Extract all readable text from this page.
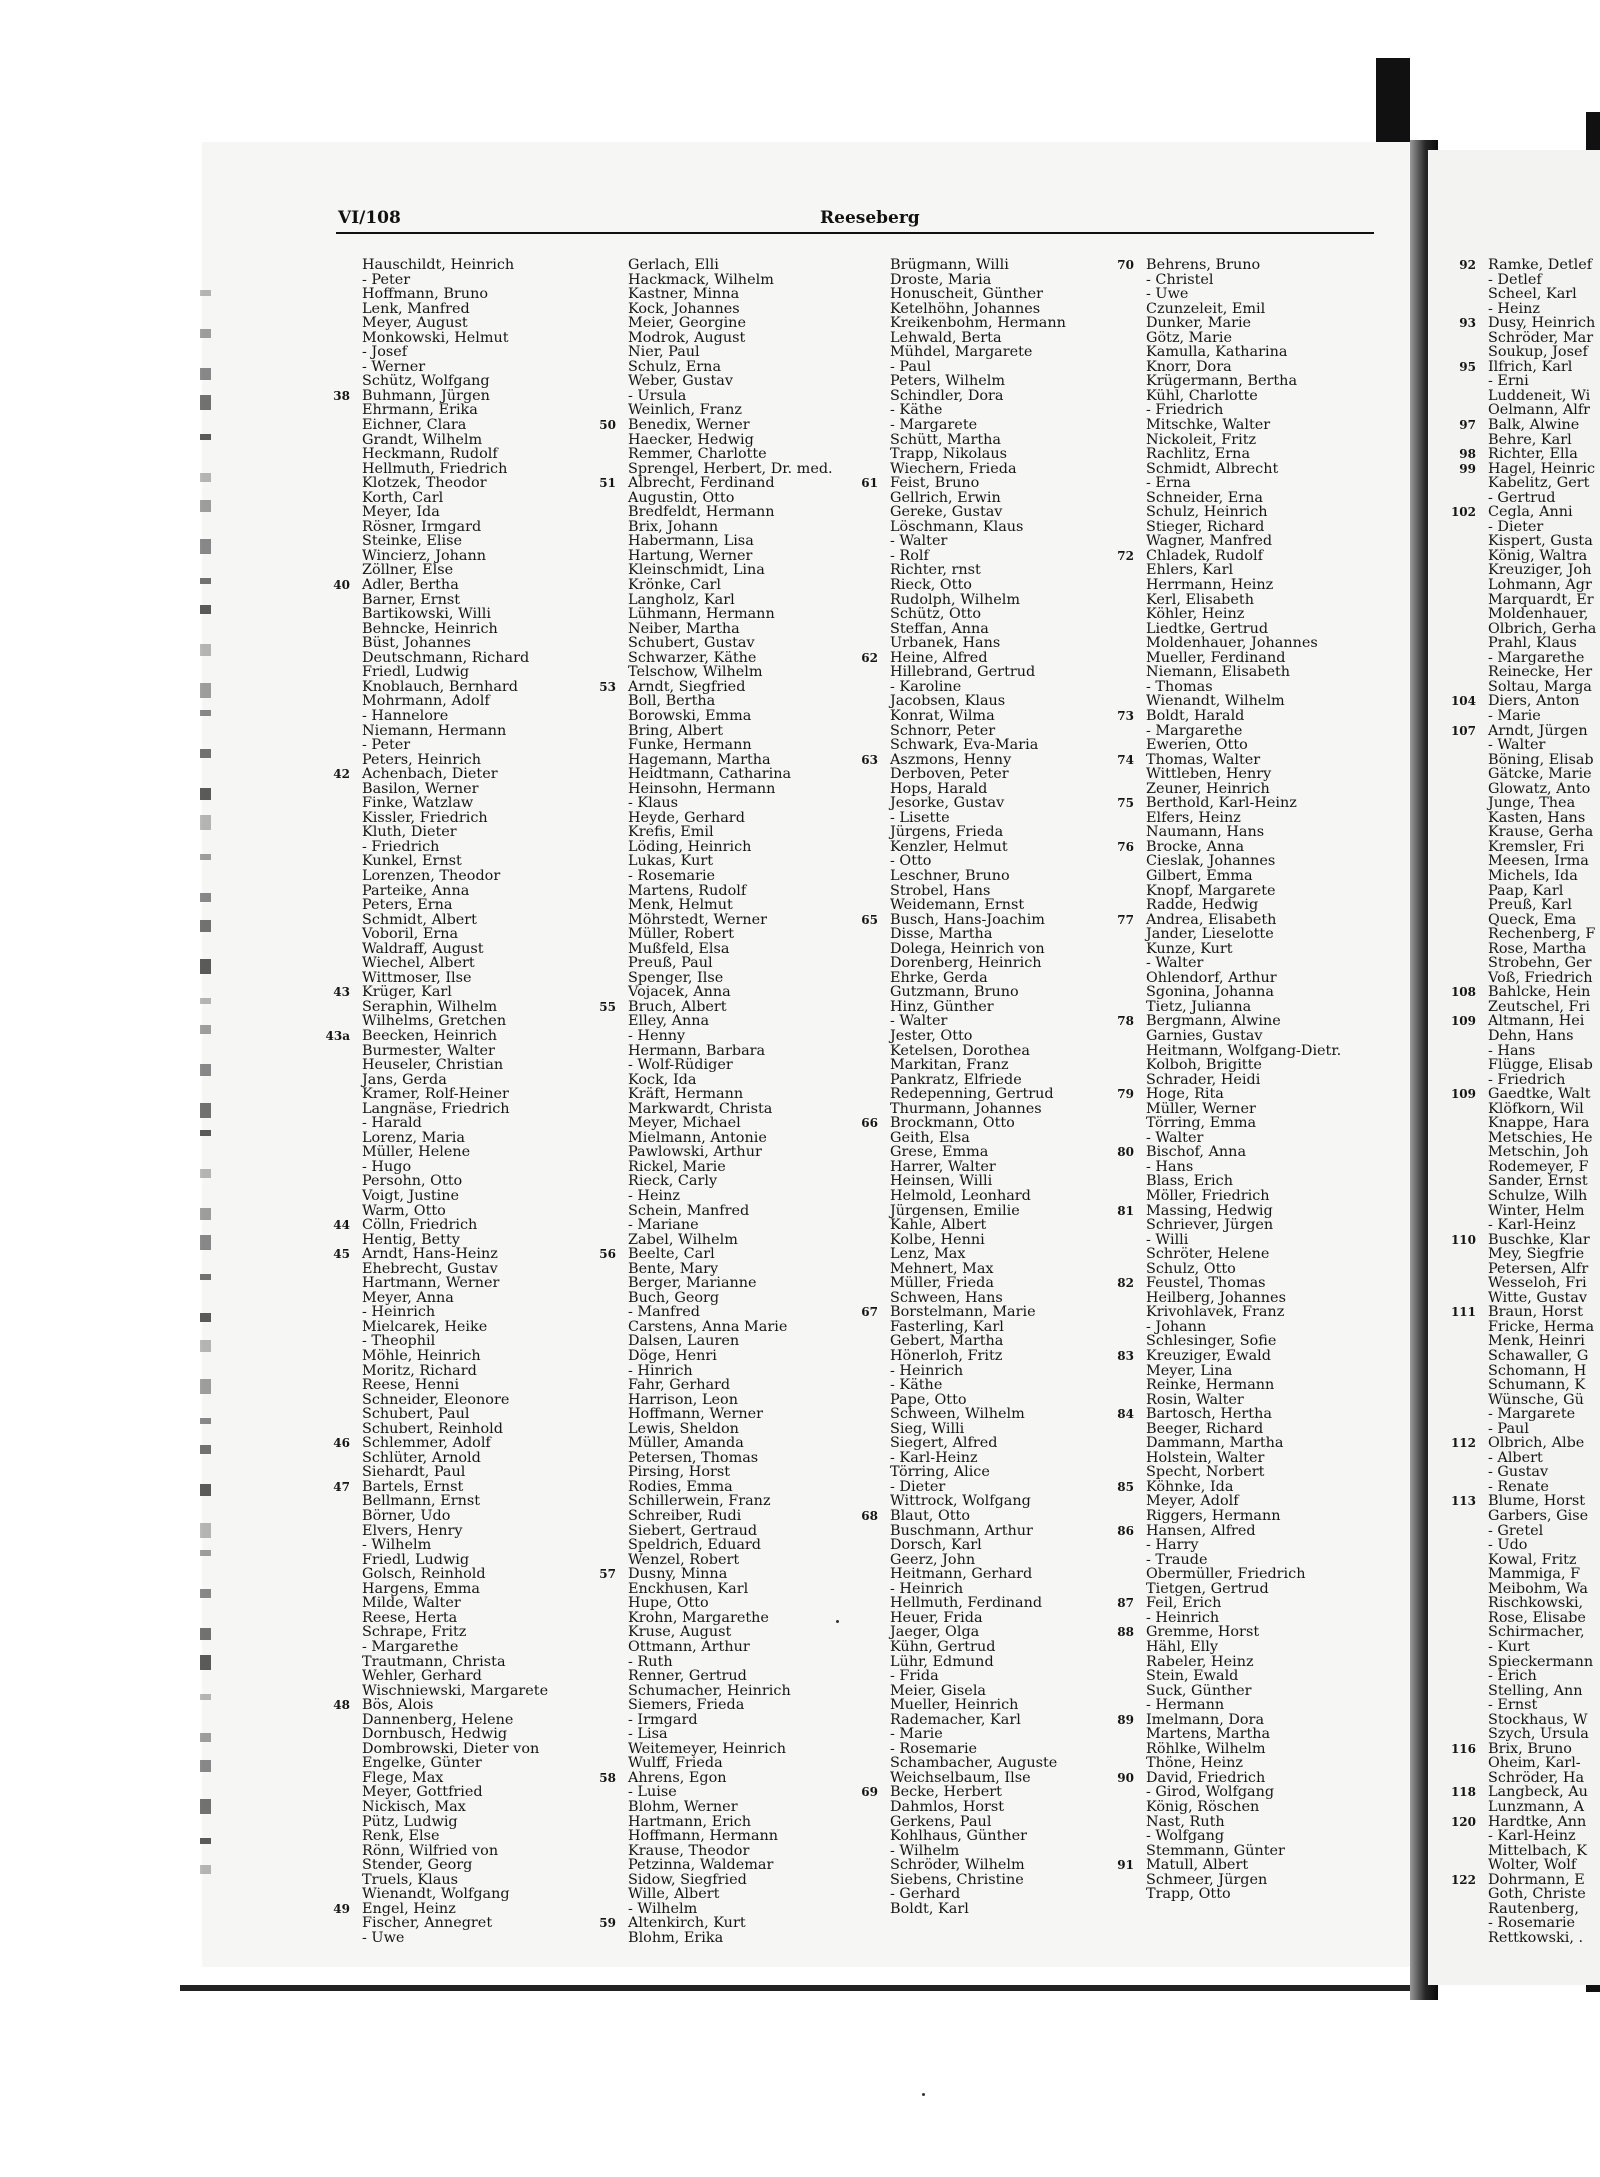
VI/108	Reeseberg
Hauschildt, Heinrich
- Peter
Hoffmann, Bruno
Lenk, Manfred
Meyer, August
Monkowski, Helmut
- Josef
- Werner
Schütz, Wolfgang
38 Buhmann, Jürgen
Ehrmann, Erika
Eichner, Clara
Grandt, Wilhelm
Heckmann, Rudolf
Hellmuth, Friedrich
Klotzek, Theodor
Korth, Carl
Meyer, Ida
Rösner, Irmgard
Steinke, Elise
Wincierz, Johann
Zöllner, Else
40 Adler, Bertha
Barner, Ernst
Bartikowski, Willi
Behncke, Heinrich
Büst, Johannes
Deutschmann, Richard
Friedl, Ludwig
Knoblauch, Bernhard
Mohrmann, Adolf
- Hannelore
Niemann, Hermann
- Peter
Peters, Heinrich
42 Achenbach, Dieter
Basilon, Werner
Finke, Watzlaw
Kissler, Friedrich
Kluth, Dieter
- Friedrich
Kunkel, Ernst
Lorenzen, Theodor
Parteike, Anna
Peters, Erna
Schmidt, Albert
Voboril, Erna
Waldraff, August
Wiechel, Albert
Wittmoser, Ilse
43 Krüger, Karl
Seraphin, Wilhelm
Wilhelms, Gretchen
43a Beecken, Heinrich
Burmester, Walter
Heuseler, Christian
Jans, Gerda
Kramer, Rolf-Heiner
Langnäse, Friedrich
- Harald
Lorenz, Maria
Müller, Helene
- Hugo
Persohn, Otto
Voigt, Justine
Warm, Otto
44 Cölln, Friedrich
Hentig, Betty
45 Arndt, Hans-Heinz
Ehebrecht, Gustav
Hartmann, Werner
Meyer, Anna
- Heinrich
Mielcarek, Heike
- Theophil
Möhle, Heinrich
Moritz, Richard
Reese, Henni
Schneider, Eleonore
Schubert, Paul
Schubert, Reinhold
46 Schlemmer, Adolf
Schlüter, Arnold
Siehardt, Paul
47 Bartels, Ernst
Bellmann, Ernst
Börner, Udo
Elvers, Henry
- Wilhelm
Friedl, Ludwig
Golsch, Reinhold
Hargens, Emma
Milde, Walter
Reese, Herta
Schrape, Fritz
- Margarethe
Trautmann, Christa
Wehler, Gerhard
Wischniewski, Margarete
48 Bös, Alois
Dannenberg, Helene
Dornbusch, Hedwig
Dombrowski, Dieter von
Engelke, Günter
Flege, Max
Meyer, Gottfried
Nickisch, Max
Pütz, Ludwig
Renk, Else
Rönn, Wilfried von
Stender, Georg
Truels, Klaus
Wienandt, Wolfgang
49 Engel, Heinz
Fischer, Annegret
- Uwe
Gerlach, Elli
Hackmack, Wilhelm
Kastner, Minna
Kock, Johannes
Meier, Georgine
Modrok, August
Nier, Paul
Schulz, Erna
Weber, Gustav
- Ursula
Weinlich, Franz
50 Benedix, Werner
Haecker, Hedwig
Remmer, Charlotte
Sprengel, Herbert, Dr. med.
51 Albrecht, Ferdinand
Augustin, Otto
Bredfeldt, Hermann
Brix, Johann
Habermann, Lisa
Hartung, Werner
Kleinschmidt, Lina
Krönke, Carl
Langholz, Karl
Lühmann, Hermann
Neiber, Martha
Schubert, Gustav
Schwarzer, Käthe
Telschow, Wilhelm
53 Arndt, Siegfried
Boll, Bertha
Borowski, Emma
Bring, Albert
Funke, Hermann
Hagemann, Martha
Heidtmann, Catharina
Heinsohn, Hermann
- Klaus
Heyde, Gerhard
Krefis, Emil
Löding, Heinrich
Lukas, Kurt
- Rosemarie
Martens, Rudolf
Menk, Helmut
Möhrstedt, Werner
Müller, Robert
Mußfeld, Elsa
Preuß, Paul
Spenger, Ilse
Vojacek, Anna
55 Bruch, Albert
Elley, Anna
- Henny
Hermann, Barbara
- Wolf-Rüdiger
Kock, Ida
Kräft, Hermann
Markwardt, Christa
Meyer, Michael
Mielmann, Antonie
Pawlowski, Arthur
Rickel, Marie
Rieck, Carly
- Heinz
Schein, Manfred
- Mariane
Zabel, Wilhelm
56 Beelte, Carl
Bente, Mary
Berger, Marianne
Buch, Georg
- Manfred
Carstens, Anna Marie
Dalsen, Lauren
Döge, Henri
- Hinrich
Fahr, Gerhard
Harrison, Leon
Hoffmann, Werner
Lewis, Sheldon
Müller, Amanda
Petersen, Thomas
Pirsing, Horst
Rodies, Emma
Schillerwein, Franz
Schreiber, Rudi
Siebert, Gertraud
Speldrich, Eduard
Wenzel, Robert
57 Dusny, Minna
Enckhusen, Karl
Hupe, Otto
Krohn, Margarethe
Kruse, August
Ottmann, Arthur
- Ruth
Renner, Gertrud
Schumacher, Heinrich
Siemers, Frieda
- Irmgard
- Lisa
Weitemeyer, Heinrich
Wulff, Frieda
58 Ahrens, Egon
- Luise
Blohm, Werner
Hartmann, Erich
Hoffmann, Hermann
Krause, Theodor
Petzinna, Waldemar
Sidow, Siegfried
Wille, Albert
- Wilhelm
59 Altenkirch, Kurt
Blohm, Erika
Brügmann, Willi
Droste, Maria
Honuscheit, Günther
Ketelhöhn, Johannes
Kreikenbohm, Hermann
Lehwald, Berta
Mühdel, Margarete
- Paul
Peters, Wilhelm
Schindler, Dora
- Käthe
- Margarete
Schütt, Martha
Trapp, Nikolaus
Wiechern, Frieda
61 Feist, Bruno
Gellrich, Erwin
Gereke, Gustav
Löschmann, Klaus
- Walter
- Rolf
Richter, rnst
Rieck, Otto
Rudolph, Wilhelm
Schütz, Otto
Steffan, Anna
Urbanek, Hans
62 Heine, Alfred
Hillebrand, Gertrud
- Karoline
Jacobsen, Klaus
Konrat, Wilma
Schnorr, Peter
Schwark, Eva-Maria
63 Aszmons, Henny
Derboven, Peter
Hops, Harald
Jesorke, Gustav
- Lisette
Jürgens, Frieda
Kenzler, Helmut
- Otto
Leschner, Bruno
Strobel, Hans
Weidemann, Ernst
65 Busch, Hans-Joachim
Disse, Martha
Dolega, Heinrich von
Dorenberg, Heinrich
Ehrke, Gerda
Gutzmann, Bruno
Hinz, Günther
- Walter
Jester, Otto
Ketelsen, Dorothea
Markitan, Franz
Pankratz, Elfriede
Redepenning, Gertrud
Thurmann, Johannes
66 Brockmann, Otto
Geith, Elsa
Grese, Emma
Harrer, Walter
Heinsen, Willi
Helmold, Leonhard
Jürgensen, Emilie
Kahle, Albert
Kolbe, Henni
Lenz, Max
Mehnert, Max
Müller, Frieda
Schween, Hans
67 Borstelmann, Marie
Fasterling, Karl
Gebert, Martha
Hönerloh, Fritz
- Heinrich
- Käthe
Pape, Otto
Schween, Wilhelm
Sieg, Willi
Siegert, Alfred
- Karl-Heinz
Törring, Alice
- Dieter
Wittrock, Wolfgang
68 Blaut, Otto
Buschmann, Arthur
Dorsch, Karl
Geerz, John
Heitmann, Gerhard
- Heinrich
Hellmuth, Ferdinand
Heuer, Frida
Jaeger, Olga
Kühn, Gertrud
Lühr, Edmund
- Frida
Meier, Gisela
Mueller, Heinrich
Rademacher, Karl
- Marie
- Rosemarie
Schambacher, Auguste
Weichselbaum, Ilse
69 Becke, Herbert
Dahmlos, Horst
Gerkens, Paul
Kohlhaus, Günther
- Wilhelm
Schröder, Wilhelm
Siebens, Christine
- Gerhard
Boldt, Karl
70 Behrens, Bruno
- Christel
- Uwe
Czunzeleit, Emil
Dunker, Marie
Götz, Marie
Kamulla, Katharina
Knorr, Dora
Krügermann, Bertha
Kühl, Charlotte
- Friedrich
Mitschke, Walter
Nickoleit, Fritz
Rachlitz, Erna
Schmidt, Albrecht
- Erna
Schneider, Erna
Schulz, Heinrich
Stieger, Richard
Wagner, Manfred
72 Chladek, Rudolf
Ehlers, Karl
Herrmann, Heinz
Kerl, Elisabeth
Köhler, Heinz
Liedtke, Gertrud
Moldenhauer, Johannes
Mueller, Ferdinand
Niemann, Elisabeth
- Thomas
Wienandt, Wilhelm
73 Boldt, Harald
- Margarethe
Ewerien, Otto
74 Thomas, Walter
Wittleben, Henry
Zeuner, Heinrich
75 Berthold, Karl-Heinz
Elfers, Heinz
Naumann, Hans
76 Brocke, Anna
Cieslak, Johannes
Gilbert, Emma
Knopf, Margarete
Radde, Hedwig
77 Andrea, Elisabeth
Jander, Lieselotte
Kunze, Kurt
- Walter
Ohlendorf, Arthur
Sgonina, Johanna
Tietz, Julianna
78 Bergmann, Alwine
Garnies, Gustav
Heitmann, Wolfgang-Dietr.
Kolboh, Brigitte
Schrader, Heidi
79 Hoge, Rita
Müller, Werner
Törring, Emma
- Walter
80 Bischof, Anna
- Hans
Blass, Erich
Möller, Friedrich
81 Massing, Hedwig
Schriever, Jürgen
- Willi
Schröter, Helene
Schulz, Otto
82 Feustel, Thomas
Heilberg, Johannes
Krivohlavek, Franz
- Johann
Schlesinger, Sofie
83 Kreuziger, Ewald
Meyer, Lina
Reinke, Hermann
Rosin, Walter
84 Bartosch, Hertha
Beeger, Richard
Dammann, Martha
Holstein, Walter
Specht, Norbert
85 Köhnke, Ida
Meyer, Adolf
Riggers, Hermann
86 Hansen, Alfred
- Harry
- Traude
Obermüller, Friedrich
Tietgen, Gertrud
87 Feil, Erich
- Heinrich
88 Gremme, Horst
Hähl, Elly
Rabeler, Heinz
Stein, Ewald
Suck, Günther
- Hermann
89 Imelmann, Dora
Martens, Martha
Röhlke, Wilhelm
Thöne, Heinz
90 David, Friedrich
- Girod, Wolfgang
König, Röschen
Nast, Ruth
- Wolfgang
Stemmann, Günter
91 Matull, Albert
Schmeer, Jürgen
Trapp, Otto
92 Ramke, Detlef
- Detlef
Scheel, Karl
- Heinz
93 Dusy, Heinrich
Schröder, Mar
Soukup, Josef
95 Ilfrich, Karl
- Erni
Luddeneit, Wi
Oelmann, Alfr
97 Balk, Alwine
Behre, Karl
98 Richter, Ella
99 Hagel, Heinric
Kabelitz, Gert
- Gertrud
102 Cegla, Anni
- Dieter
Kispert, Gusta
König, Waltra
Kreuziger, Joh
Lohmann, Agr
Marquardt, Er
Moldenhauer,
Olbrich, Gerha
Prahl, Klaus
- Margarethe
Reinecke, Her
Soltau, Marga
104 Diers, Anton
- Marie
107 Arndt, Jürgen
- Walter
Böning, Elisab
Gätcke, Marie
Glowatz, Anto
Junge, Thea
Kasten, Hans
Krause, Gerha
Kremsler, Fri
Meesen, Irma
Michels, Ida
Paap, Karl
Preuß, Karl
Queck, Ema
Rechenberg, F
Rose, Martha
Strobehn, Ger
Voß, Friedrich
108 Bahlcke, Hein
Zeutschel, Fri
109 Altmann, Hei
Dehn, Hans
- Hans
Flügge, Elisab
- Friedrich
109 Gaedtke, Walt
Klöfkorn, Wil
Knappe, Hara
Metschies, He
Metschin, Joh
Rodemeyer, F
Sander, Ernst
Schulze, Wilh
Winter, Helm
- Karl-Heinz
110 Buschke, Klar
Mey, Siegfrie
Petersen, Alfr
Wesseloh, Fri
Witte, Gustav
111 Braun, Horst
Fricke, Herma
Menk, Heinri
Schawaller, G
Schomann, H
Schumann, K
Wünsche, Gü
- Margarete
- Paul
112 Olbrich, Albe
- Albert
- Gustav
- Renate
113 Blume, Horst
Garbers, Gise
- Gretel
- Udo
Kowal, Fritz
Mammiga, F
Meibohm, Wa
Rischkowski,
Rose, Elisabe
Schirmacher,
- Kurt
Spieckermann
- Erich
Stelling, Ann
- Ernst
Stockhaus, W
Szych, Ursula
116 Brix, Bruno
Oheim, Karl-
Schröder, Ha
118 Langbeck, Au
Lunzmann, A
120 Hardtke, Ann
- Karl-Heinz
Mittelbach, K
Wolter, Wolf
122 Dohrmann, E
Goth, Christe
Rautenberg,
- Rosemarie
Rettkowski, .
